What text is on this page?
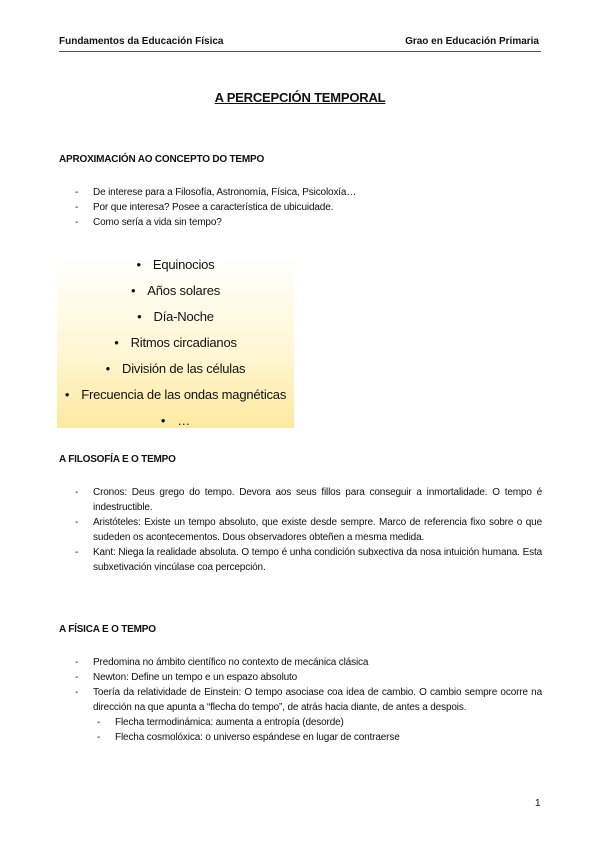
Fundamentos da Educación Física	Grao en Educación Primaria
A PERCEPCIÓN TEMPORAL
APROXIMACIÓN AO CONCEPTO DO TEMPO
- De interese para a Filosofía, Astronomía, Física, Psicoloxía…
- Por que interesa? Posee a característica de ubicuidade.
- Como sería a vida sin tempo?
• Equinocios
• Años solares
• Día-Noche
• Ritmos circadianos
• División de las células
• Frecuencia de las ondas magnéticas
• …
A FILOSOFÍA E O TEMPO
- Cronos: Deus grego do tempo. Devora aos seus fillos para conseguir a inmortalidade. O tempo é indestructible.
- Aristóteles: Existe un tempo absoluto, que existe desde sempre. Marco de referencia fixo sobre o que sudeden os acontecementos. Dous observadores obteñen a mesma medida.
- Kant: Niega la realidade absoluta. O tempo é unha condición subxectiva da nosa intuición humana. Esta subxetivación vincúlase coa percepción.
A FÍSICA E O TEMPO
- Predomina no ámbito científico no contexto de mecánica clásica
- Newton: Define un tempo e un espazo absoluto
- Toería da relatividade de Einstein: O tempo asociase coa idea de cambio. O cambio sempre ocorre na dirección na que apunta a “flecha do tempo”, de atrás hacia diante, de antes a despois.
- Flecha termodinámica: aumenta a entropía (desorde)
- Flecha cosmolóxica: o universo espándese en lugar de contraerse
1
